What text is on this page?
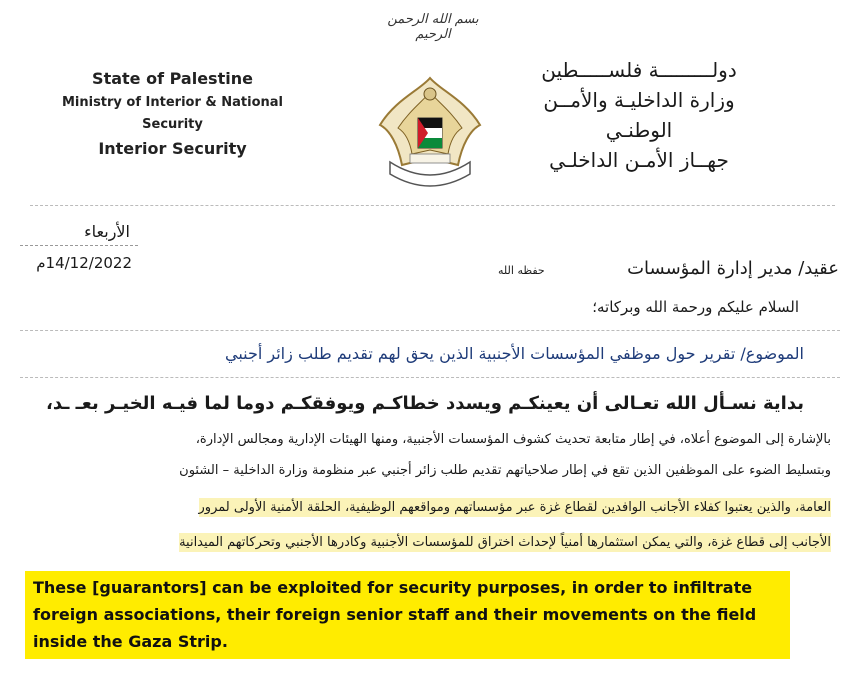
بسم الله الرحمن الرحيم
State of Palestine
Ministry of Interior & National Security
Interior Security
دولـــــــــة فلســـــطين
وزارة الداخليـة والأمــن
الوطنـي
جهــاز الأمـن الداخلـي
الأربعاء
14/12/2022م	عقيد/ مدير إدارة المؤسسات
حفظه الله
السلام عليكم ورحمة الله وبركاته؛
الموضوع/ تقرير حول موظفي المؤسسات الأجنبية الذين يحق لهم تقديم طلب زائر أجنبي
بداية نسـأل الله تعـالى أن يعينكـم ويسدد خطاكـم ويوفقكـم دوما لما فيـه الخيـر بعـ ـد،
بالإشارة إلى الموضوع أعلاه، في إطار متابعة تحديث كشوف المؤسسات الأجنبية، ومنها الهيئات الإدارية ومجالس الإدارة،
وبتسليط الضوء على الموظفين الذين تقع في إطار صلاحياتهم تقديم طلب زائر أجنبي عبر منظومة وزارة الداخلية – الشئون
العامة، والذين يعتبوا كفلاء الأجانب الوافدين لقطاع غزة عبر مؤسساتهم ومواقعهم الوظيفية، الحلقة الأمنية الأولى لمرور
الأجانب إلى قطاع غزة، والتي يمكن استثمارها أمنياً لإحداث اختراق للمؤسسات الأجنبية وكادرها الأجنبي وتحركاتهم الميدانية
These [guarantors] can be exploited for security purposes, in order to infiltrate
foreign associations, their foreign senior staff and their movements on the field
inside the Gaza Strip.
